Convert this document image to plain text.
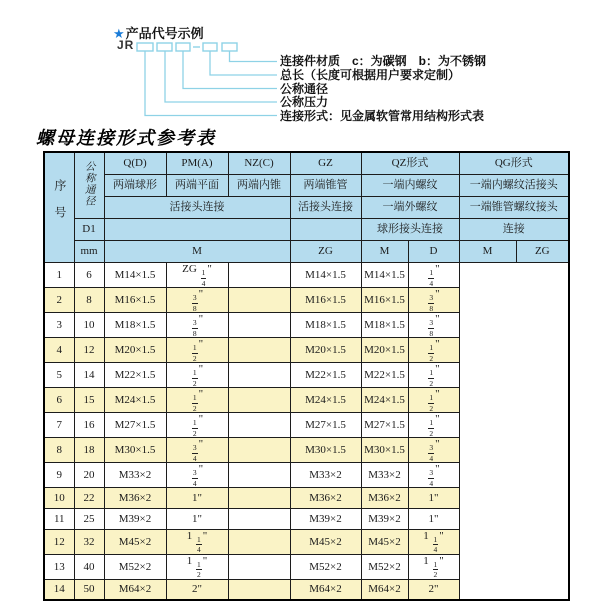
★产品代号示例
JR
连接件材质　c：为碳钢　b：为不锈钢
总长（长度可根据用户要求定制）
公称通径
公称压力
连接形式：见金属软管常用结构形式表
螺母连接形式参考表
序号	公称通径	Q(D)	PM(A)	NZ(C)	GZ	QZ形式		QG形式	
		两端球形	两端平面	两端内锥	两端锥管	一端内螺纹		一端内螺纹活接头	
		活接头连接			活接头连接	一端外螺纹		一端锥管螺纹接头	
	D1					球形接头连接		连接	
	mm	M			ZG	M	D	M	ZG
1	6	M14×1.5	ZG $\frac{1}{4}$ "		M14×1.5	M14×1.5	$\frac{1}{4}$ "		
2	8	M16×1.5	$\frac{3}{8}$ "		M16×1.5	M16×1.5	$\frac{3}{8}$ "		
3	10	M18×1.5	$\frac{3}{8}$ "		M18×1.5	M18×1.5	$\frac{3}{8}$ "		
4	12	M20×1.5	$\frac{1}{2}$ "		M20×1.5	M20×1.5	$\frac{1}{2}$ "		
5	14	M22×1.5	$\frac{1}{2}$ "		M22×1.5	M22×1.5	$\frac{1}{2}$ "		
6	15	M24×1.5	$\frac{1}{2}$ "		M24×1.5	M24×1.5	$\frac{1}{2}$ "		
7	16	M27×1.5	$\frac{1}{2}$ "		M27×1.5	M27×1.5	$\frac{1}{2}$ "		
8	18	M30×1.5	$\frac{3}{4}$ "		M30×1.5	M30×1.5	$\frac{3}{4}$ "		
9	20	M33×2	$\frac{3}{4}$ "		M33×2	M33×2	$\frac{3}{4}$ "		
10	22	M36×2	1"		M36×2	M36×2	1"		
11	25	M39×2	1"		M39×2	M39×2	1"		
12	32	M45×2	$1 \frac{1}{4}$ "		M45×2	M45×2	$1 \frac{1}{4}$ "		
13	40	M52×2	$1 \frac{1}{2}$ "		M52×2	M52×2	$1 \frac{1}{2}$ "		
14	50	M64×2	2"		M64×2	M64×2	2"		
